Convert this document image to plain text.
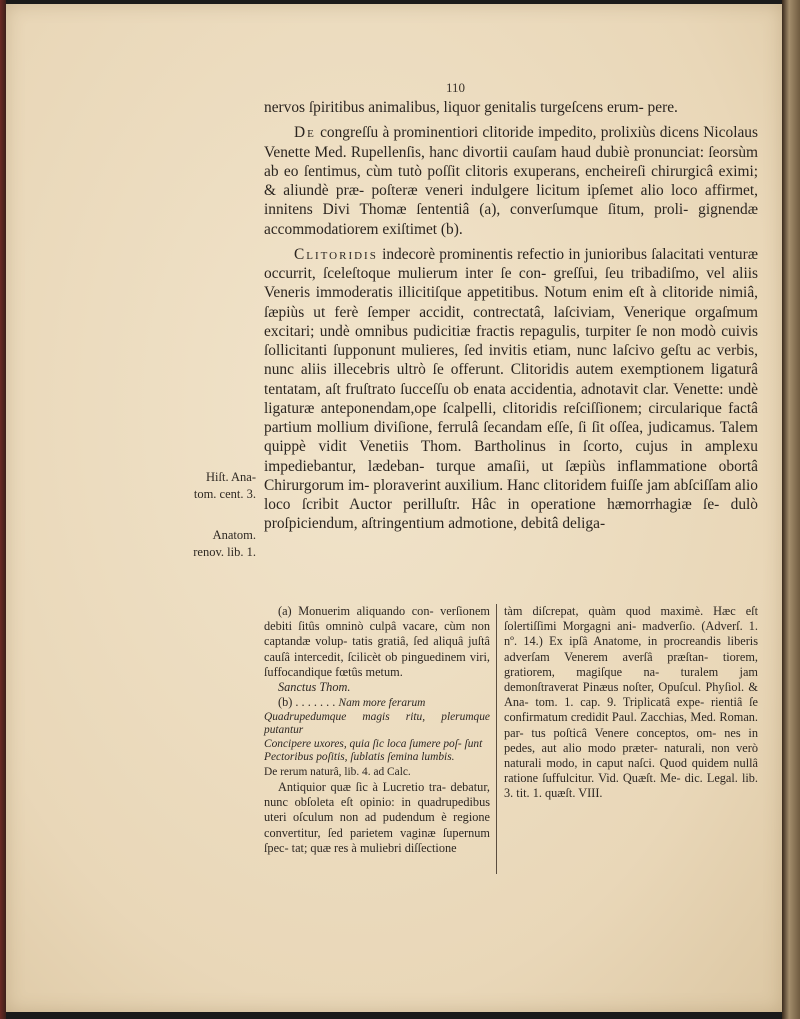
110

nervos ſpiritibus animalibus, liquor genitalis turgeſcens erum- pere.

De congreſſu à prominentiori clitoride impedito, prolixiùs dicens Nicolaus Venette Med. Rupellenſis, hanc divortii cauſam haud dubiè pronunciat: ſeorsùm ab eo ſentimus, cùm tutò poſſit clitoris exuperans, encheireſi chirurgicâ eximi; & aliundè præ- poſteræ veneri indulgere licitum ipſemet alio loco affirmet, innitens Divi Thomæ ſententiâ (a), converſumque ſitum, proli- gignendæ accommodatiorem exiſtimet (b).

Clitoridis indecorè prominentis refectio in junioribus ſalacitati venturæ occurrit, ſceleſtoque mulierum inter ſe con- greſſui, ſeu tribadiſmo, vel aliis Veneris immoderatis illicitiſque appetitibus. Notum enim eſt à clitoride nimiâ, ſæpiùs ut ferè ſemper accidit, contrectatâ, laſciviam, Venerique orgaſmum excitari; undè omnibus pudicitiæ fractis repagulis, turpiter ſe non modò cuivis ſollicitanti ſupponunt mulieres, ſed invitis etiam, nunc laſcivo geſtu ac verbis, nunc aliis illecebris ultrò ſe offerunt. Clitoridis autem exemptionem ligaturâ tentatam, aſt fruſtrato ſucceſſu ob enata accidentia, adnotavit clar. Venette: undè ligaturæ anteponendam,ope ſcalpelli, clitoridis reſciſſionem; circularique factâ partium mollium diviſione, ferrulâ ſecandam eſſe, ſi ſit oſſea, judicamus. Talem quippè vidit Venetiis Thom. Bartholinus in ſcorto, cujus in amplexu impediebantur, lædeban- turque amaſii, ut ſæpiùs inflammatione obortâ Chirurgorum im- ploraverint auxilium. Hanc clitoridem fuiſſe jam abſciſſam alio loco ſcribit Auctor perilluſtr. Hâc in operatione hæmorrhagiæ ſe- dulò proſpiciendum, aſtringentium admotione, debitâ deliga-

Hiſt. Ana-
tom. cent. 3.
Anatom.
renov. lib. 1.

(a) Monuerim aliquando con- verſionem debiti ſitûs omninò culpâ vacare, cùm non captandæ volup- tatis gratiâ, ſed aliquâ juſtâ cauſâ intercedit, ſcilicèt ob pinguedinem viri, ſuffocandique fœtûs metum.

Sanctus Thom.

(b) . . . . . . . Nam more ferarum

Quadrupedumque magis ritu, plerumque putantur

Concipere uxores, quia ſic loca ſumere poſ- ſunt

Pectoribus poſitis, ſublatis ſemina lumbis.

De rerum naturâ, lib. 4. ad Calc.

Antiquior quæ ſic à Lucretio tra- debatur, nunc obſoleta eſt opinio: in quadrupedibus uteri oſculum non ad pudendum è regione convertitur, ſed parietem vaginæ ſupernum ſpec- tat; quæ res à muliebri diſſectione

tàm diſcrepat, quàm quod maximè. Hæc eſt ſolertiſſimi Morgagni ani- madverſio. (Adverſ. 1. nº. 14.) Ex ipſâ Anatome, in procreandis liberis adverſam Venerem averſâ præſtan- tiorem, gratiorem, magiſque na- turalem jam demonſtraverat Pinæus noſter, Opuſcul. Phyſiol. & Ana- tom. 1. cap. 9. Triplicatâ expe- rientiâ ſe confirmatum credidit Paul. Zacchias, Med. Roman. par- tus poſticâ Venere conceptos, om- nes in pedes, aut alio modo præter- naturali, non verò naturali modo, in caput naſci. Quod quidem nullâ ratione ſuffulcitur. Vid. Quæſt. Me- dic. Legal. lib. 3. tit. 1. quæſt. VIII.
